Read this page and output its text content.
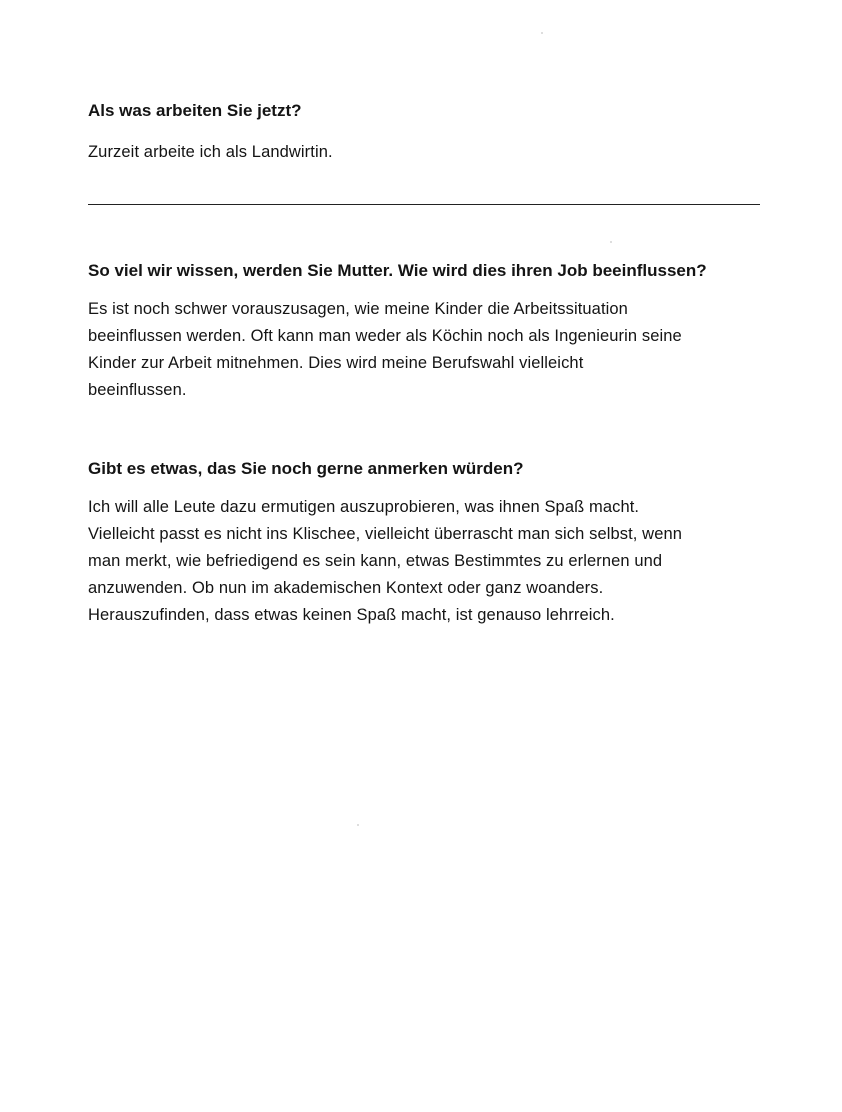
Als was arbeiten Sie jetzt?
Zurzeit arbeite ich als Landwirtin.
So viel wir wissen, werden Sie Mutter. Wie wird dies ihren Job beeinflussen?
Es ist noch schwer vorauszusagen, wie meine Kinder die Arbeitssituation
beeinflussen werden. Oft kann man weder als Köchin noch als Ingenieurin seine
Kinder zur Arbeit mitnehmen. Dies wird meine Berufswahl vielleicht
beeinflussen.
Gibt es etwas, das Sie noch gerne anmerken würden?
Ich will alle Leute dazu ermutigen auszuprobieren, was ihnen Spaß macht.
Vielleicht passt es nicht ins Klischee, vielleicht überrascht man sich selbst, wenn
man merkt, wie befriedigend es sein kann, etwas Bestimmtes zu erlernen und
anzuwenden. Ob nun im akademischen Kontext oder ganz woanders.
Herauszufinden, dass etwas keinen Spaß macht, ist genauso lehrreich.
